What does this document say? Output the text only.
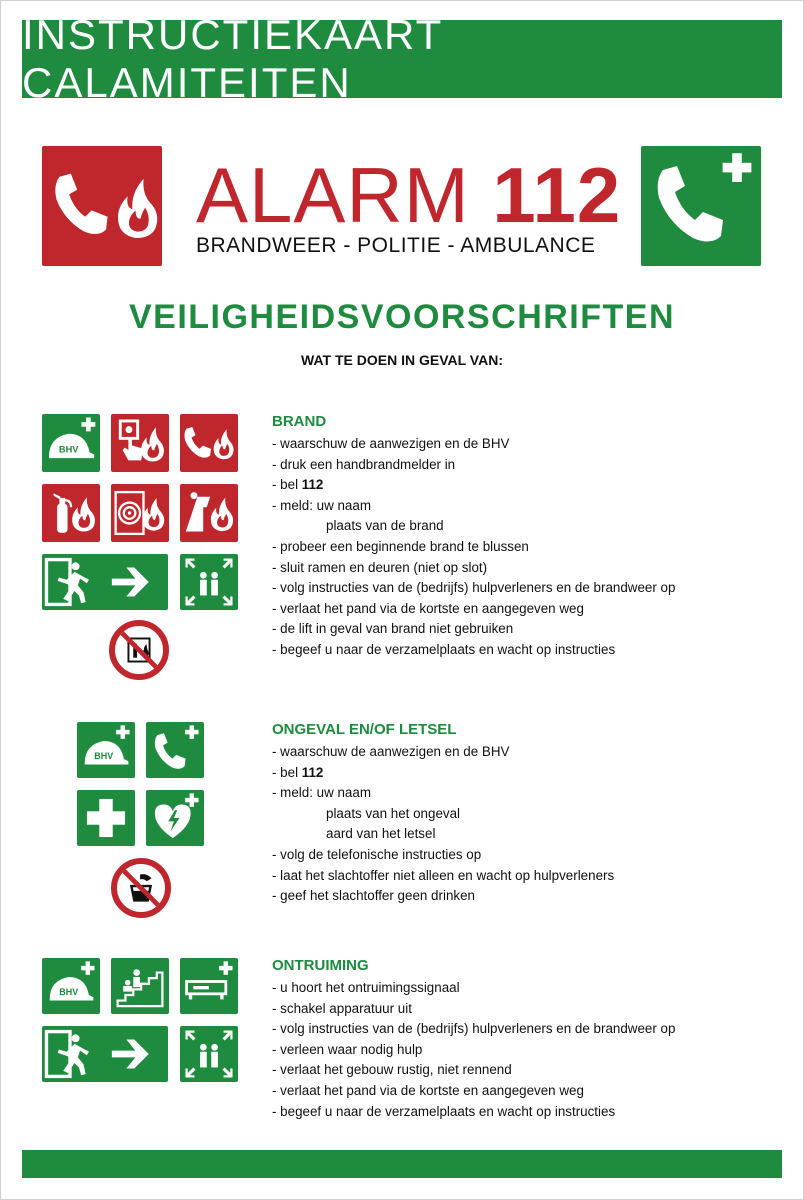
INSTRUCTIEKAART CALAMITEITEN
ALARM 112
BRANDWEER - POLITIE - AMBULANCE
VEILIGHEIDSVOORSCHRIFTEN
WAT TE DOEN IN GEVAL VAN:
BRAND
- waarschuw de aanwezigen en de BHV
- druk een handbrandmelder in
- bel 112
- meld: uw naam
plaats van de brand
- probeer een beginnende brand te blussen
- sluit ramen en deuren (niet op slot)
- volg instructies van de (bedrijfs) hulpverleners en de brandweer op
- verlaat het pand via de kortste en aangegeven weg
- de lift in geval van brand niet gebruiken
- begeef u naar de verzamelplaats en wacht op instructies
ONGEVAL EN/OF LETSEL
- waarschuw de aanwezigen en de BHV
- bel 112
- meld: uw naam
plaats van het ongeval
aard van het letsel
- volg de telefonische instructies op
- laat het slachtoffer niet alleen en wacht op hulpverleners
- geef het slachtoffer geen drinken
ONTRUIMING
- u hoort het ontruimingssignaal
- schakel apparatuur uit
- volg instructies van de (bedrijfs) hulpverleners en de brandweer op
- verleen waar nodig hulp
- verlaat het gebouw rustig, niet rennend
- verlaat het pand via de kortste en aangegeven weg
- begeef u naar de verzamelplaats en wacht op instructies
